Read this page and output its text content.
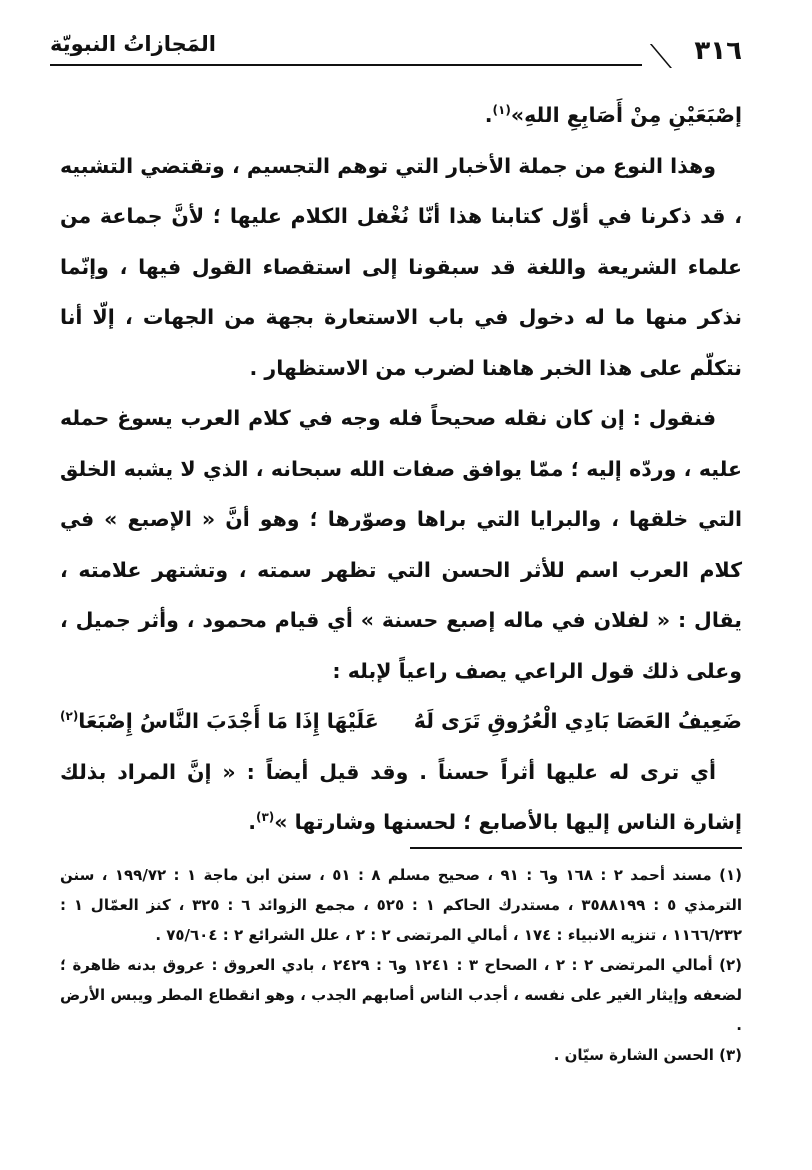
٣١٦
المَجازاتُ النبويّة

إصْبَعَيْنِ مِنْ أَصَابِعِ اللهِ»$^{(١)}$.

وهذا النوع من جملة الأخبار التي توهم التجسيم ، وتقتضي التشبيه ، قد ذكرنا في أوّل كتابنا هذا أنّا نُغْفل الكلام عليها ؛ لأنَّ جماعة من علماء الشريعة واللغة قد سبقونا إلى استقصاء القول فيها ، وإنّما نذكر منها ما له دخول في باب الاستعارة بجهة من الجهات ، إلّا أنا نتكلّم على هذا الخبر هاهنا لضرب من الاستظهار .

فنقول : إن كان نقله صحيحاً فله وجه في كلام العرب يسوغ حمله عليه ، وردّه إليه ؛ ممّا يوافق صفات الله سبحانه ، الذي لا يشبه الخلق التي خلقها ، والبرايا التي براها وصوّرها ؛ وهو أنَّ « الإصبع » في كلام العرب اسم للأثر الحسن التي تظهر سمته ، وتشتهر علامته ، يقال : « لفلان في ماله إصبع حسنة » أي قيام محمود ، وأثر جميل ، وعلى ذلك قول الراعي يصف راعياً لإبله :

ضَعِيفُ العَصَا بَادِي الْعُرُوقِ تَرَى لَهُ
عَلَيْهَا إِذَا مَا أَجْدَبَ النَّاسُ إِصْبَعَا$^{(٢)}$

أي ترى له عليها أثراً حسناً . وقد قيل أيضاً : « إنَّ المراد بذلك إشارة الناس إليها بالأصابع ؛ لحسنها وشارتها »$^{(٣)}$.

(١) مسند أحمد ٢ : ١٦٨ و٦ : ٩١ ، صحيح مسلم ٨ : ٥١ ، سنن ابن ماجة ١ : ١٩٩/٧٢ ، سنن الترمذي ٥ : ٣٥٨٨١٩٩ ، مستدرك الحاكم ١ : ٥٢٥ ، مجمع الزوائد ٦ : ٣٢٥ ، كنز العمّال ١ : ١١٦٦/٢٣٢ ، تنزيه الانبياء : ١٧٤ ، أمالي المرتضى ٢ : ٢ ، علل الشرائع ٢ : ٧٥/٦٠٤ .

(٢) أمالي المرتضى ٢ : ٢ ، الصحاح ٣ : ١٢٤١ و٦ : ٢٤٢٩ ، بادي العروق : عروق بدنه ظاهرة ؛ لضعفه وإيثار الغير على نفسه ، أجدب الناس أصابهم الجدب ، وهو انقطاع المطر ويبس الأرض .

(٣) الحسن الشارة سيّان .
